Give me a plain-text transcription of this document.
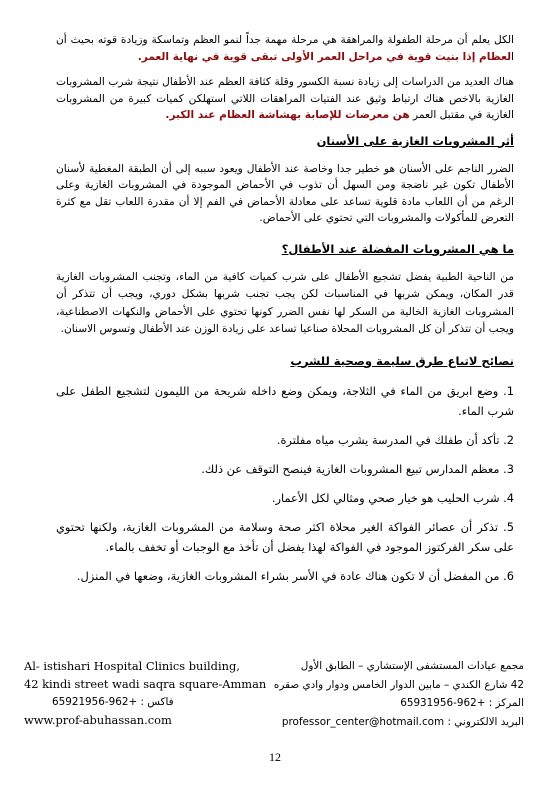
الكل يعلم أن مرحلة الطفولة والمراهقة هي مرحلة مهمة جداً لنمو العظم وتماسكة وزيادة قوته بحيث أن العظام إذا بنيت قوية في مراحل العمر الأولى تبقى قوية في نهاية العمر.

هناك العديد من الدراسات إلى زيادة نسبة الكسور وقلة كثافة العظم عند الأطفال نتيجة شرب المشروبات الغازية بالاخص هناك ارتباط وثيق عند الفتيات المراهقات اللاتي استهلكن كميات كبيرة من المشروبات الغازية في مقتبل العمر هن معرضات للإصابة بهشاشة العظام عند الكبر.

أثر المشروبات الغازية على الأسنان

الضرر الناجم على الأسنان هو خطير جدا وخاصة عند الأطفال ويعود سببه إلى أن الطبقة المغطية لأسنان الأطفال تكون غير ناضجة ومن السهل أن تذوب في الأحماض الموجودة في المشروبات الغازية وعلى الرغم من أن اللعاب مادة قلوية تساعد على معادلة الأحماض في الفم إلا أن مقدرة اللعاب تقل مع كثرة التعرض للمأكولات والمشروبات التي تحتوي على الأحماض.

ما هي المشروبات المفضلة عند الأطفال؟

من الناحية الطبية يفضل تشجيع الأطفال على شرب كميات كافية من الماء، وتجنب المشروبات الغازية قدر المكان، ويمكن شربها في المناسبات لكن يجب تجنب شربها بشكل دوري، ويجب أن تتذكر أن المشروبات الغازية الخالية من السكر لها نفس الضرر كونها تحتوي على الأحماض والنكهات الاصطناعية، ويجب أن تتذكر أن كل المشروبات المحلاة صناعيا تساعد على زيادة الوزن عند الأطفال وتسوس الاسنان.

نصائح لاتباع طرق سليمة وصحية للشرب

1. وضع ابريق من الماء في الثلاجة، ويمكن وضع داخله شريحة من الليمون لتشجيع الطفل على شرب الماء.

2. تأكد أن طفلك في المدرسة يشرب مياه مفلترة.

3. معظم المدارس تبيع المشروبات الغازية فينصح التوقف عن ذلك.

4. شرب الحليب هو خيار صحي ومثالي لكل الأعمار.

5. تذكر أن عصائر الفواكة الغير محلاة اكثر صحة وسلامة من المشروبات الغازية، ولكنها تحتوي على سكر الفركتوز الموجود في الفواكة لهذا يفضل أن تأخذ مع الوجبات أو تخفف بالماء.

6. من المفضل أن لا تكون هناك عادة في الأسر بشراء المشروبات الغازية، وضعها في المنزل.

Al- istishari Hospital Clinics building,
42 kindi street wadi saqra square-Amman
فاكس : +962-65921956
www.prof-abuhassan.com
مجمع عيادات المستشفى الإستشاري – الطابق الأول
42 شارع الكندي – مابين الدوار الخامس ودوار وادي صقره
المركز : +962-65931956
البريد الالكتروني : professor_center@hotmail.com
12
